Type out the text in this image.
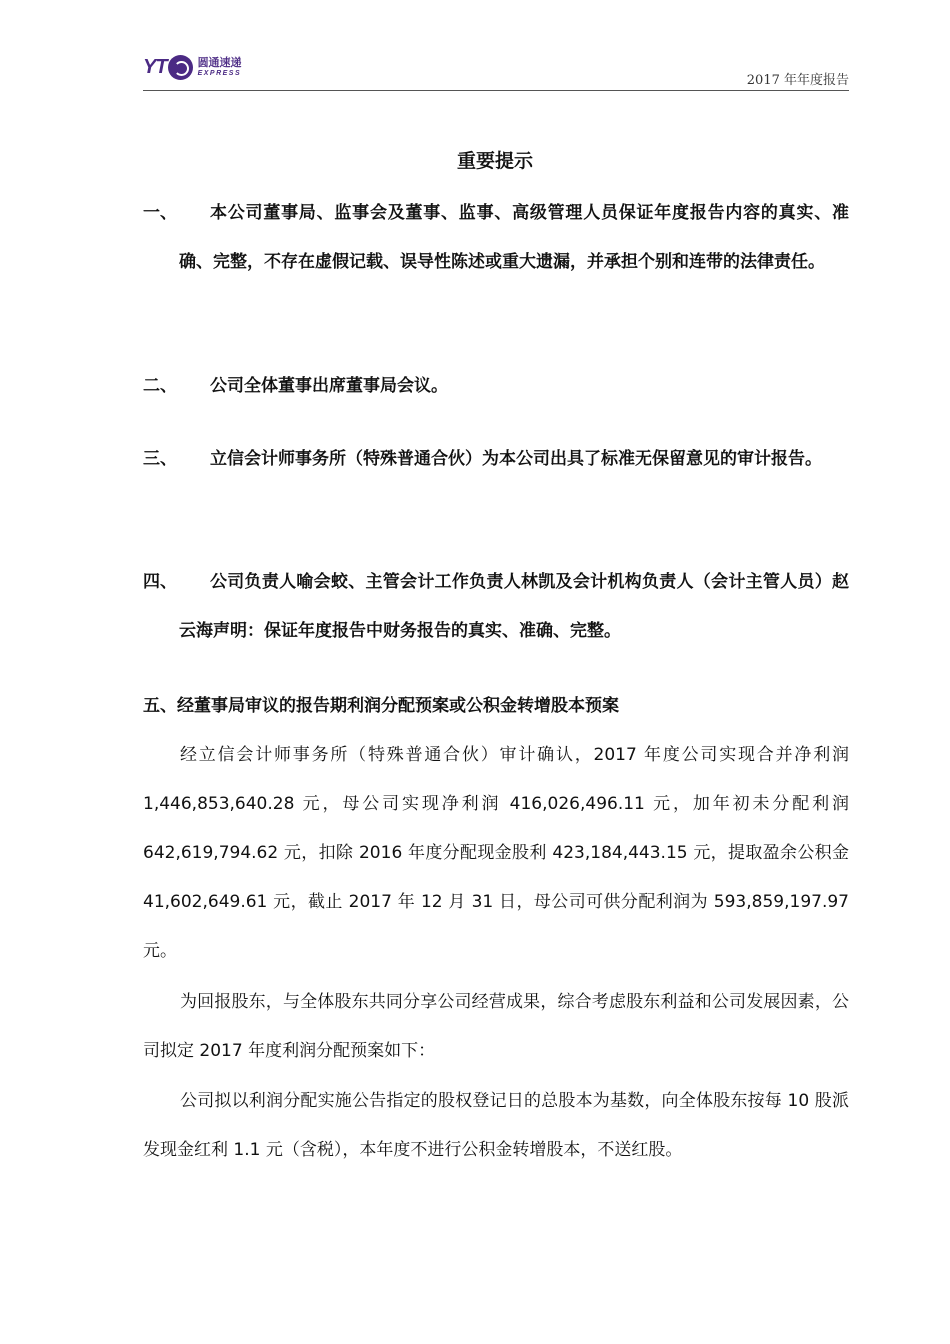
YT	圆通速递
EXPRESS	2017 年年度报告
重要提示
一、	本公司董事局、监事会及董事、监事、高级管理人员保证年度报告内容的真实、准确、完整，不存在虚假记载、误导性陈述或重大遗漏，并承担个别和连带的法律责任。
二、	公司全体董事出席董事局会议。
三、	立信会计师事务所（特殊普通合伙）为本公司出具了标准无保留意见的审计报告。
四、	公司负责人喻会蛟、主管会计工作负责人林凯及会计机构负责人（会计主管人员）赵云海声明：保证年度报告中财务报告的真实、准确、完整。
五、经董事局审议的报告期利润分配预案或公积金转增股本预案
经立信会计师事务所（特殊普通合伙）审计确认，2017 年度公司实现合并净利润 1,446,853,640.28 元，母公司实现净利润 416,026,496.11 元，加年初未分配利润 642,619,794.62 元，扣除 2016 年度分配现金股利 423,184,443.15 元，提取盈余公积金 41,602,649.61 元，截止 2017 年 12 月 31 日，母公司可供分配利润为 593,859,197.97 元。
为回报股东，与全体股东共同分享公司经营成果，综合考虑股东利益和公司发展因素，公司拟定 2017 年度利润分配预案如下：
公司拟以利润分配实施公告指定的股权登记日的总股本为基数，向全体股东按每 10 股派发现金红利 1.1 元（含税），本年度不进行公积金转增股本，不送红股。
